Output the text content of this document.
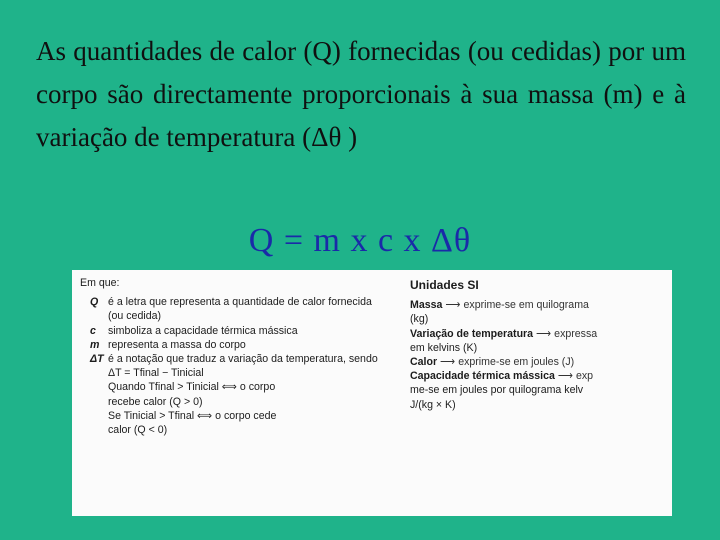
As quantidades de calor (Q) fornecidas (ou cedidas) por um corpo são directamente proporcionais à sua massa (m) e à variação de temperatura (Δθ )

Q = m x c x Δθ
Em que:
Q é a letra que representa a quantidade de calor fornecida (ou cedida)
c	simboliza a capacidade térmica mássica
m representa a massa do corpo
ΔT é a notação que traduz a variação da temperatura, sendo
ΔT = Tfinal − Tinicial
Quando Tfinal > Tinicial ⟺ o corpo
recebe calor (Q > 0)
Se Tinicial > Tfinal ⟺ o corpo cede
calor (Q < 0)
Unidades SI
Massa ⟶ exprime-se em quilograma
(kg)
Variação de temperatura ⟶ expressa
em kelvins (K)
Calor ⟶ exprime-se em joules (J)
Capacidade térmica mássica ⟶ exp
me-se em joules por quilograma kelv
J/(kg × K)
